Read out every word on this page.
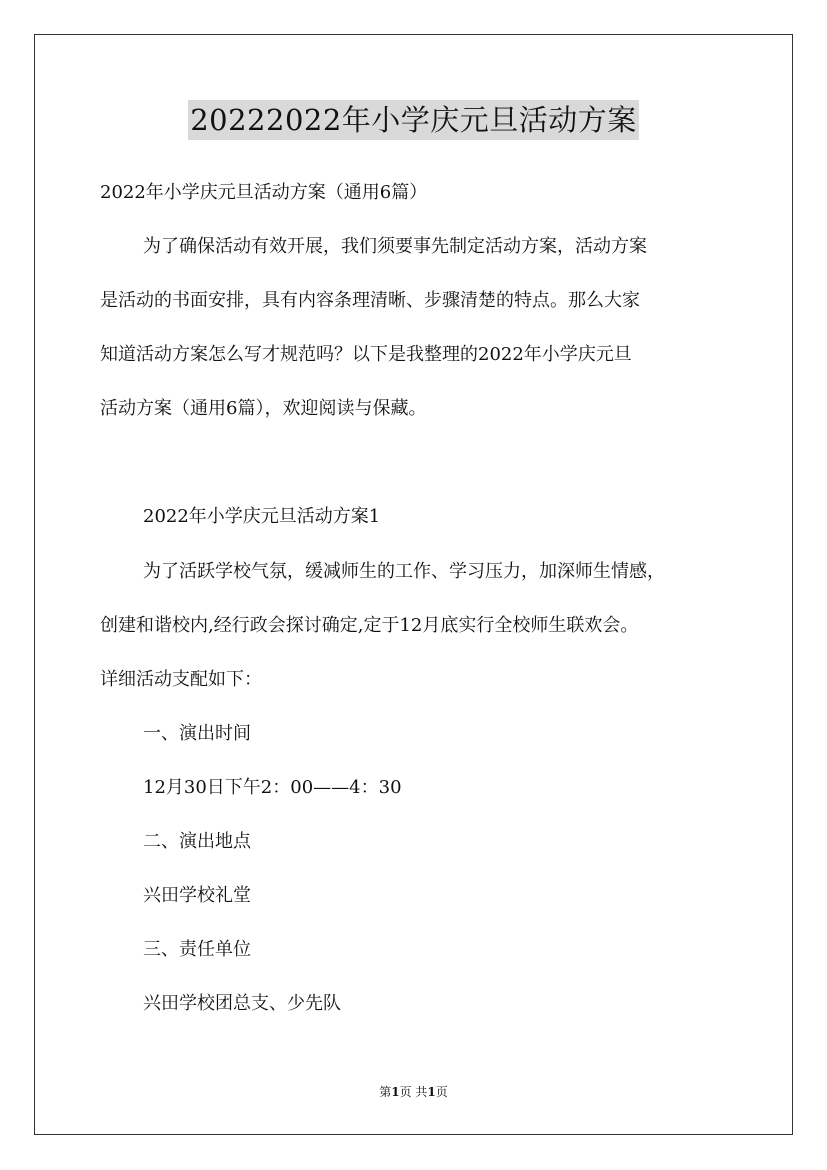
20222022年小学庆元旦活动方案
2022年小学庆元旦活动方案（通用6篇）
为了确保活动有效开展，我们须要事先制定活动方案，活动方案
是活动的书面安排，具有内容条理清晰、步骤清楚的特点。那么大家
知道活动方案怎么写才规范吗？以下是我整理的2022年小学庆元旦
活动方案（通用6篇），欢迎阅读与保藏。
2022年小学庆元旦活动方案1
为了活跃学校气氛，缓减师生的工作、学习压力，加深师生情感，
创建和谐校内,经行政会探讨确定,定于12月底实行全校师生联欢会。
详细活动支配如下：
一、演出时间
12月30日下午2：00——4：30
二、演出地点
兴田学校礼堂
三、责任单位
兴田学校团总支、少先队
第1页 共1页
